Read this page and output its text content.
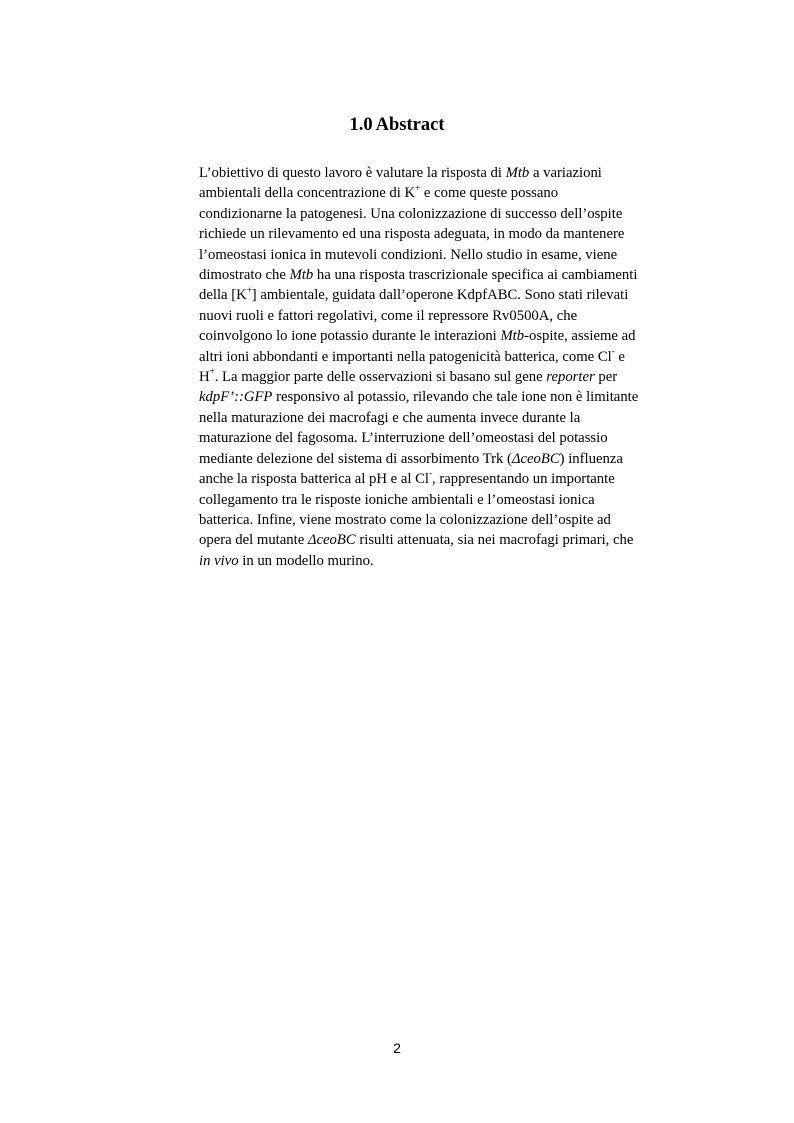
1.0 Abstract
L’obiettivo di questo lavoro è valutare la risposta di Mtb a variazioni
ambientali della concentrazione di K+ e come queste possano
condizionarne la patogenesi. Una colonizzazione di successo dell’ospite
richiede un rilevamento ed una risposta adeguata, in modo da mantenere
l’omeostasi ionica in mutevoli condizioni. Nello studio in esame, viene
dimostrato che Mtb ha una risposta trascrizionale specifica ai cambiamenti
della [K+] ambientale, guidata dall’operone KdpfABC. Sono stati rilevati
nuovi ruoli e fattori regolativi, come il repressore Rv0500A, che
coinvolgono lo ione potassio durante le interazioni Mtb-ospite, assieme ad
altri ioni abbondanti e importanti nella patogenicità batterica, come Cl- e
H+. La maggior parte delle osservazioni si basano sul gene reporter per
kdpF’::GFP responsivo al potassio, rilevando che tale ione non è limitante
nella maturazione dei macrofagi e che aumenta invece durante la
maturazione del fagosoma. L’interruzione dell’omeostasi del potassio
mediante delezione del sistema di assorbimento Trk (ΔceoBC) influenza
anche la risposta batterica al pH e al Cl-, rappresentando un importante
collegamento tra le risposte ioniche ambientali e l’omeostasi ionica
batterica. Infine, viene mostrato come la colonizzazione dell’ospite ad
opera del mutante ΔceoBC risulti attenuata, sia nei macrofagi primari, che
in vivo in un modello murino.
2
